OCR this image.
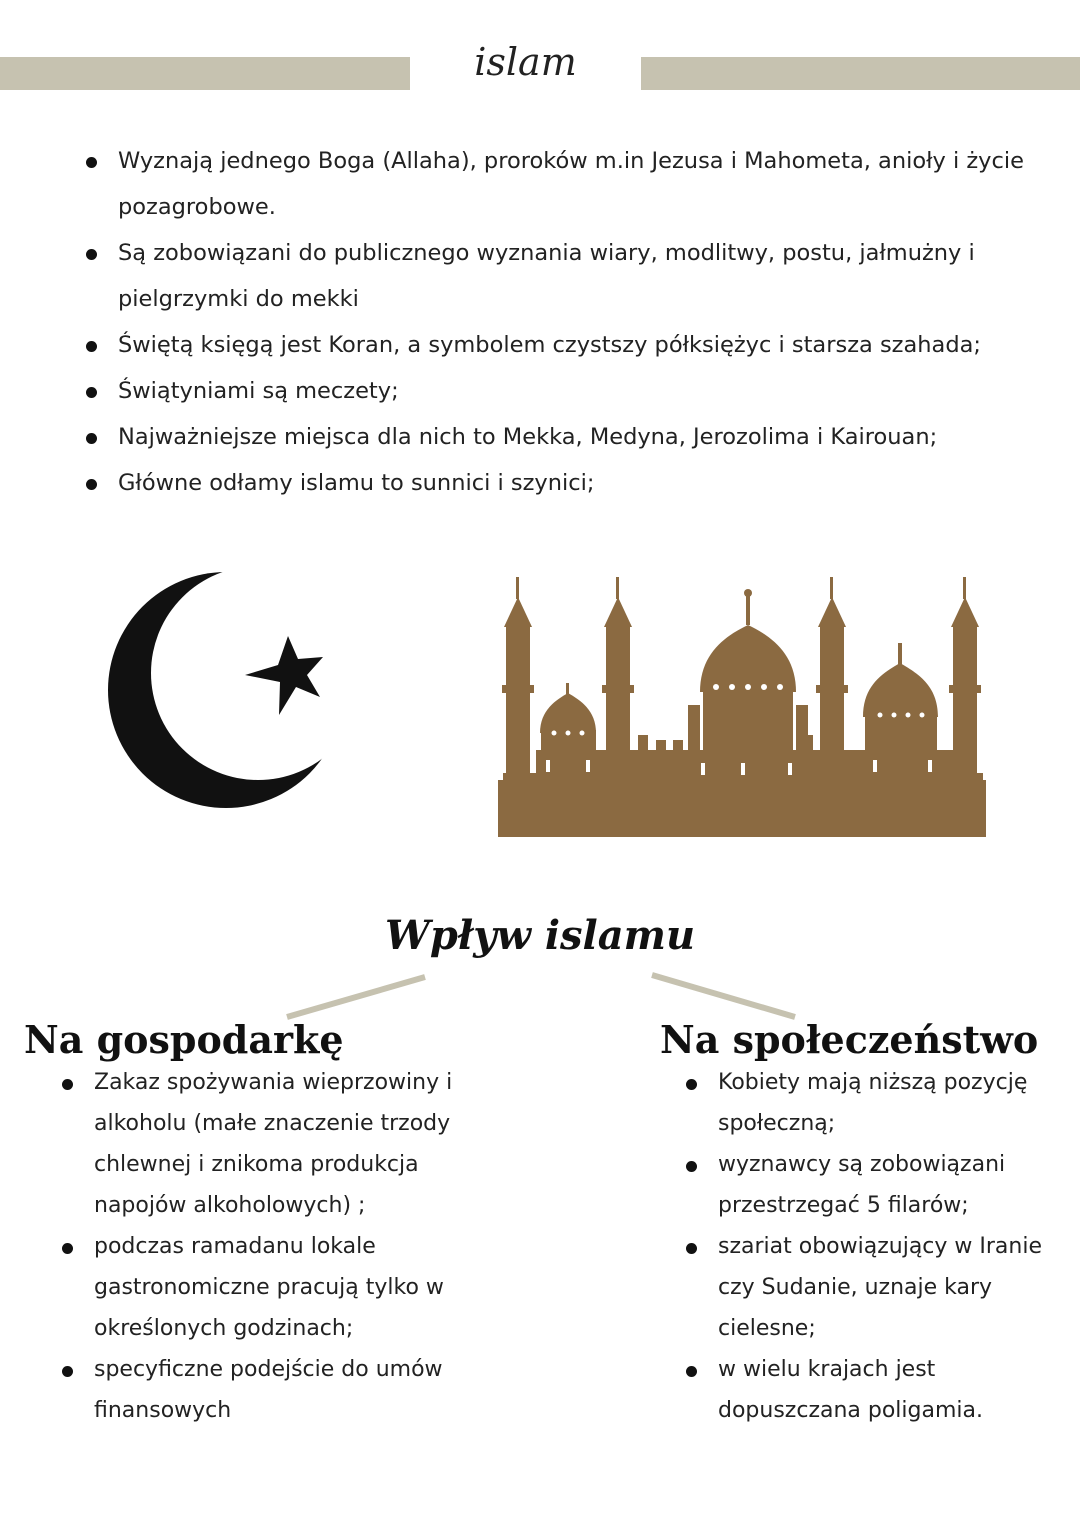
islam
Wyznają jednego Boga (Allaha), proroków m.in Jezusa i Mahometa, anioły i życie pozagrobowe.
Są zobowiązani do publicznego wyznania wiary, modlitwy, postu, jałmużny i pielgrzymki do mekki
Świętą księgą jest Koran, a symbolem czystszy półksiężyc i starsza szahada;
Świątyniami są meczety;
Najważniejsze miejsca dla nich to Mekka, Medyna, Jerozolima i Kairouan;
Główne odłamy islamu to sunnici i szynici;
Wpływ islamu
Na gospodarkę	Na społeczeństwo
Zakaz spożywania wieprzowiny i alkoholu (małe znaczenie trzody chlewnej i znikoma produkcja napojów alkoholowych) ;
podczas ramadanu lokale gastronomiczne pracują tylko w określonych godzinach;
specyficzne podejście do umów finansowych
Kobiety mają niższą pozycję społeczną;
wyznawcy są zobowiązani przestrzegać 5 filarów;
szariat obowiązujący w Iranie czy Sudanie, uznaje kary cielesne;
w wielu krajach jest dopuszczana poligamia.
